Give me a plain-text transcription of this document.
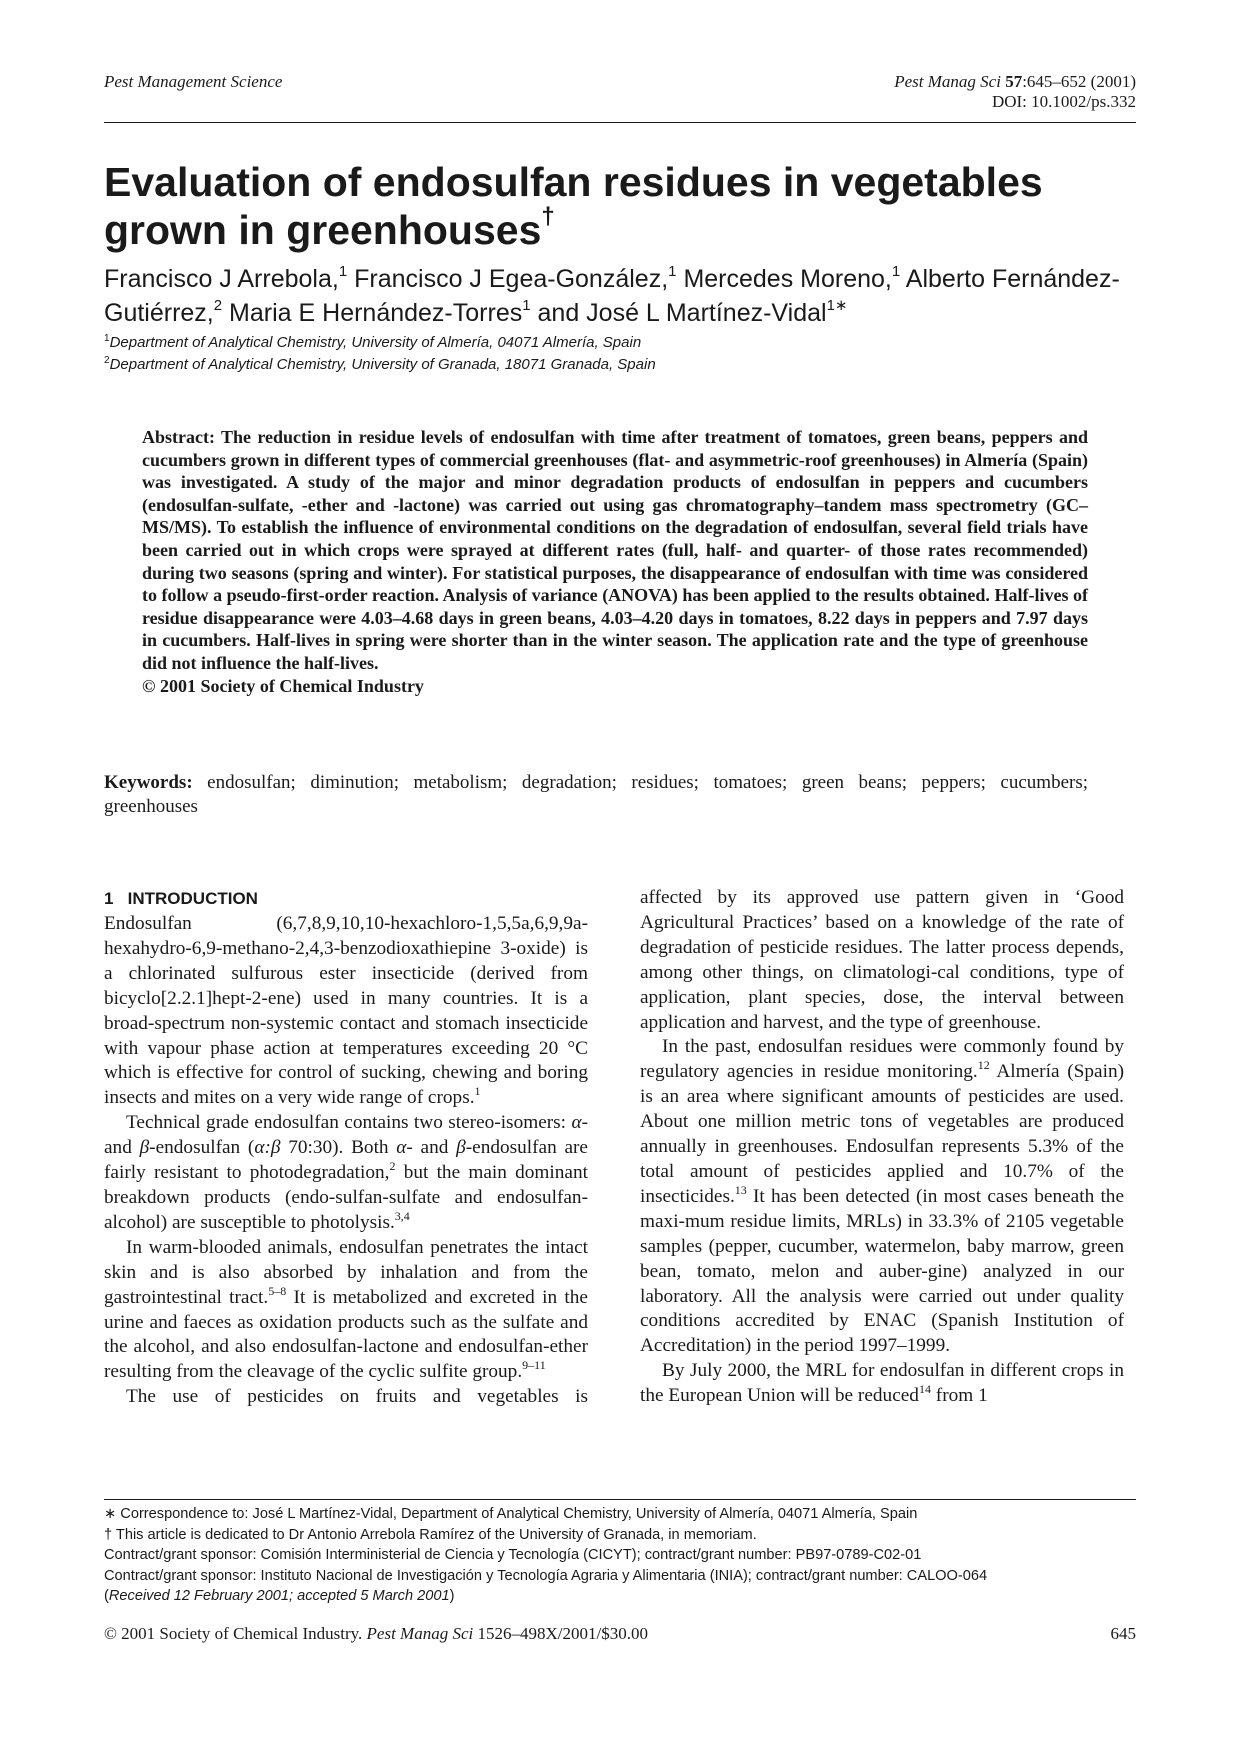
Pest Management Science	Pest Manag Sci 57:645–652 (2001)
DOI: 10.1002/ps.332
Evaluation of endosulfan residues in vegetables grown in greenhouses†
Francisco J Arrebola,$^1$ Francisco J Egea-González,$^1$ Mercedes Moreno,$^1$ Alberto Fernández-Gutiérrez,$^2$ Maria E Hernández-Torres$^1$ and José L Martínez-Vidal$^{1∗}$
$^1$Department of Analytical Chemistry, University of Almería, 04071 Almería, Spain
$^2$Department of Analytical Chemistry, University of Granada, 18071 Granada, Spain
Abstract: The reduction in residue levels of endosulfan with time after treatment of tomatoes, green beans, peppers and cucumbers grown in different types of commercial greenhouses (flat- and asymmetric-roof greenhouses) in Almería (Spain) was investigated. A study of the major and minor degradation products of endosulfan in peppers and cucumbers (endosulfan-sulfate, -ether and -lactone) was carried out using gas chromatography–tandem mass spectrometry (GC–MS/MS). To establish the influence of environmental conditions on the degradation of endosulfan, several field trials have been carried out in which crops were sprayed at different rates (full, half- and quarter- of those rates recommended) during two seasons (spring and winter). For statistical purposes, the disappearance of endosulfan with time was considered to follow a pseudo-first-order reaction. Analysis of variance (ANOVA) has been applied to the results obtained. Half-lives of residue disappearance were 4.03–4.68 days in green beans, 4.03–4.20 days in tomatoes, 8.22 days in peppers and 7.97 days in cucumbers. Half-lives in spring were shorter than in the winter season. The application rate and the type of greenhouse did not influence the half-lives.
© 2001 Society of Chemical Industry

Keywords: endosulfan; diminution; metabolism; degradation; residues; tomatoes; green beans; peppers; cucumbers; greenhouses

1 INTRODUCTION

Endosulfan (6,7,8,9,10,10-hexachloro-1,5,5a,6,9,9a-hexahydro-6,9-methano-2,4,3-benzodioxathiepine 3-oxide) is a chlorinated sulfurous ester insecticide (derived from bicyclo[2.2.1]hept-2-ene) used in many countries. It is a broad-spectrum non-systemic contact and stomach insecticide with vapour phase action at temperatures exceeding 20 °C which is effective for control of sucking, chewing and boring insects and mites on a very wide range of crops.$^1$

Technical grade endosulfan contains two stereo-isomers: α- and β-endosulfan (α:β 70:30). Both α- and β-endosulfan are fairly resistant to photodegradation,$^2$ but the main dominant breakdown products (endo-sulfan-sulfate and endosulfan-alcohol) are susceptible to photolysis.$^{3,4}$

In warm-blooded animals, endosulfan penetrates the intact skin and is also absorbed by inhalation and from the gastrointestinal tract.$^{5-8}$ It is metabolized and excreted in the urine and faeces as oxidation products such as the sulfate and the alcohol, and also endosulfan-lactone and endosulfan-ether resulting from the cleavage of the cyclic sulfite group.$^{9-11}$

The use of pesticides on fruits and vegetables is

affected by its approved use pattern given in ‘Good Agricultural Practices’ based on a knowledge of the rate of degradation of pesticide residues. The latter process depends, among other things, on climatologi-cal conditions, type of application, plant species, dose, the interval between application and harvest, and the type of greenhouse.

In the past, endosulfan residues were commonly found by regulatory agencies in residue monitoring.$^{12}$ Almería (Spain) is an area where significant amounts of pesticides are used. About one million metric tons of vegetables are produced annually in greenhouses. Endosulfan represents 5.3% of the total amount of pesticides applied and 10.7% of the insecticides.$^{13}$ It has been detected (in most cases beneath the maxi-mum residue limits, MRLs) in 33.3% of 2105 vegetable samples (pepper, cucumber, watermelon, baby marrow, green bean, tomato, melon and auber-gine) analyzed in our laboratory. All the analysis were carried out under quality conditions accredited by ENAC (Spanish Institution of Accreditation) in the period 1997–1999.

By July 2000, the MRL for endosulfan in different crops in the European Union will be reduced$^{14}$ from 1

∗ Correspondence to: José L Martínez-Vidal, Department of Analytical Chemistry, University of Almería, 04071 Almería, Spain
† This article is dedicated to Dr Antonio Arrebola Ramírez of the University of Granada, in memoriam.
Contract/grant sponsor: Comisión Interministerial de Ciencia y Tecnología (CICYT); contract/grant number: PB97-0789-C02-01
Contract/grant sponsor: Instituto Nacional de Investigación y Tecnología Agraria y Alimentaria (INIA); contract/grant number: CALOO-064
(Received 12 February 2001; accepted 5 March 2001)
© 2001 Society of Chemical Industry. Pest Manag Sci 1526–498X/2001/$30.00	645
